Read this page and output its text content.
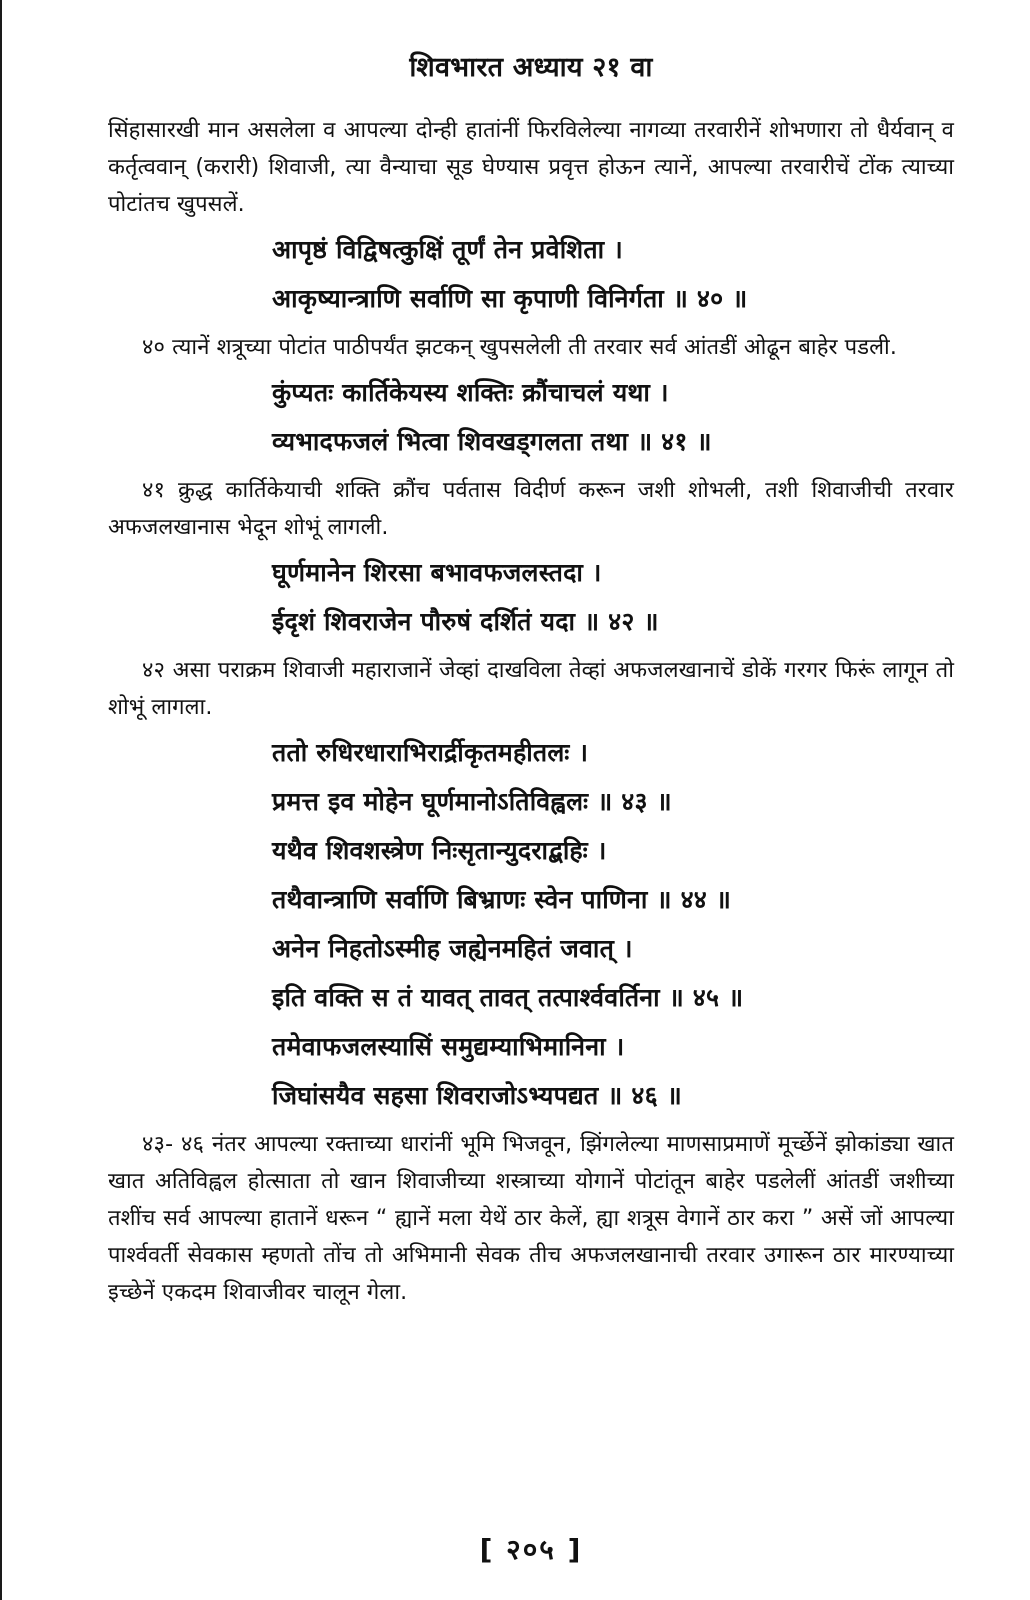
शिवभारत अध्याय २१ वा

सिंहासारखी मान असलेला व आपल्या दोन्ही हातांनीं फिरविलेल्या नागव्या तरवारीनें शोभणारा तो धैर्यवान् व कर्तृत्ववान् (करारी) शिवाजी, त्या वैन्याचा सूड घेण्यास प्रवृत्त होऊन त्यानें, आपल्या तरवारीचें टोंक त्याच्या पोटांतच खुपसलें.

आपृष्ठं विद्विषत्कुक्षिं तूर्णं तेन प्रवेशिता ।
आकृष्यान्त्राणि सर्वाणि सा कृपाणी विनिर्गता ॥ ४० ॥

४० त्यानें शत्रूच्या पोटांत पाठीपर्यंत झटकन् खुपसलेली ती तरवार सर्व आंतडीं ओढून बाहेर पडली.

कुंप्यतः कार्तिकेयस्य शक्तिः क्रौंचाचलं यथा ।
व्यभादफजलं भित्वा शिवखड्गलता तथा ॥ ४१ ॥

४१ क्रुद्ध कार्तिकेयाची शक्ति क्रौंच पर्वतास विदीर्ण करून जशी शोभली, तशी शिवाजीची तरवार अफजलखानास भेदून शोभूं लागली.

घूर्णमानेन शिरसा बभावफजलस्तदा ।
ईदृशं शिवराजेन पौरुषं दर्शितं यदा ॥ ४२ ॥

४२ असा पराक्रम शिवाजी महाराजानें जेव्हां दाखविला तेव्हां अफजलखानाचें डोकें गरगर फिरूं लागून तो शोभूं लागला.

ततो रुधिरधाराभिरार्द्रीकृतमहीतलः ।
प्रमत्त इव मोहेन घूर्णमानोऽतिविह्वलः ॥ ४३ ॥
यथैव शिवशस्त्रेण निःसृतान्युदराद्बहिः ।
तथैवान्त्राणि सर्वाणि बिभ्राणः स्वेन पाणिना ॥ ४४ ॥
अनेन निहतोऽस्मीह जह्येनमहितं जवात् ।
इति वक्ति स तं यावत् तावत् तत्पार्श्ववर्तिना ॥ ४५ ॥
तमेवाफजलस्यासिं समुद्यम्याभिमानिना ।
जिघांसयैव सहसा शिवराजोऽभ्यपद्यत ॥ ४६ ॥

४३- ४६ नंतर आपल्या रक्ताच्या धारांनीं भूमि भिजवून, झिंगलेल्या माणसाप्रमाणें मूर्च्छेनें झोकांड्या खात खात अतिविह्वल होत्साता तो खान शिवाजीच्या शस्त्राच्या योगानें पोटांतून बाहेर पडलेलीं आंतडीं जशीच्या तशींच सर्व आपल्या हातानें धरून “ ह्यानें मला येथें ठार केलें, ह्या शत्रूस वेगानें ठार करा ” असें जों आपल्या पार्श्ववर्ती सेवकास म्हणतो तोंच तो अभिमानी सेवक तीच अफजलखानाची तरवार उगारून ठार मारण्याच्या इच्छेनें एकदम शिवाजीवर चालून गेला.

[ २०५ ]
